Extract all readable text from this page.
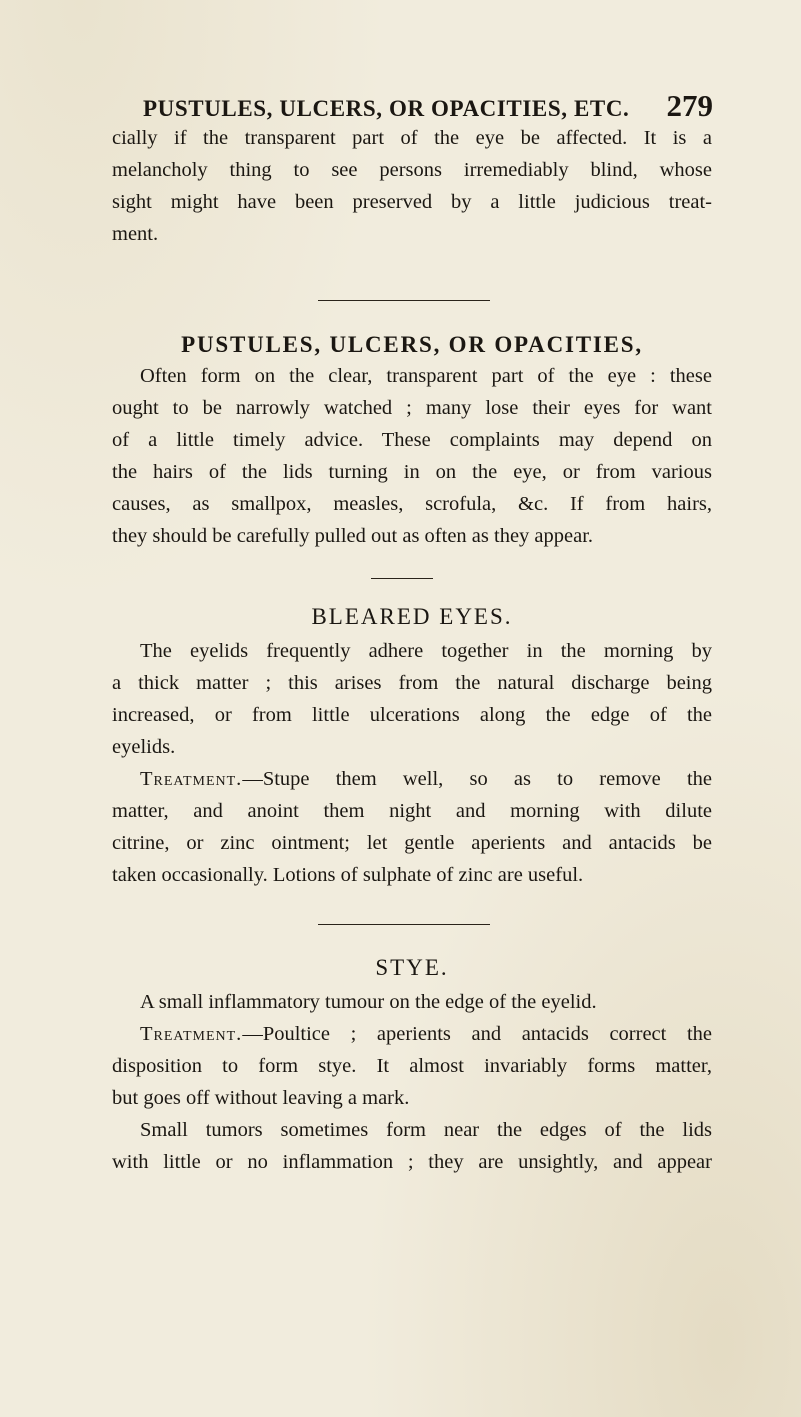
PUSTULES, ULCERS, OR OPACITIES, ETC. 279
cially if the transparent part of the eye be affected. It is a
melancholy thing to see persons irremediably blind, whose
sight might have been preserved by a little judicious treat-
ment.
PUSTULES, ULCERS, OR OPACITIES,
Often form on the clear, transparent part of the eye : these
ought to be narrowly watched ; many lose their eyes for want
of a little timely advice. These complaints may depend on
the hairs of the lids turning in on the eye, or from various
causes, as smallpox, measles, scrofula, &c. If from hairs,
they should be carefully pulled out as often as they appear.
BLEARED EYES.
The eyelids frequently adhere together in the morning by
a thick matter ; this arises from the natural discharge being
increased, or from little ulcerations along the edge of the
eyelids.
Treatment.—Stupe them well, so as to remove the
matter, and anoint them night and morning with dilute
citrine, or zinc ointment; let gentle aperients and antacids be
taken occasionally. Lotions of sulphate of zinc are useful.
STYE.
A small inflammatory tumour on the edge of the eyelid.
Treatment.—Poultice ; aperients and antacids correct the
disposition to form stye. It almost invariably forms matter,
but goes off without leaving a mark.
Small tumors sometimes form near the edges of the lids
with little or no inflammation ; they are unsightly, and appear
